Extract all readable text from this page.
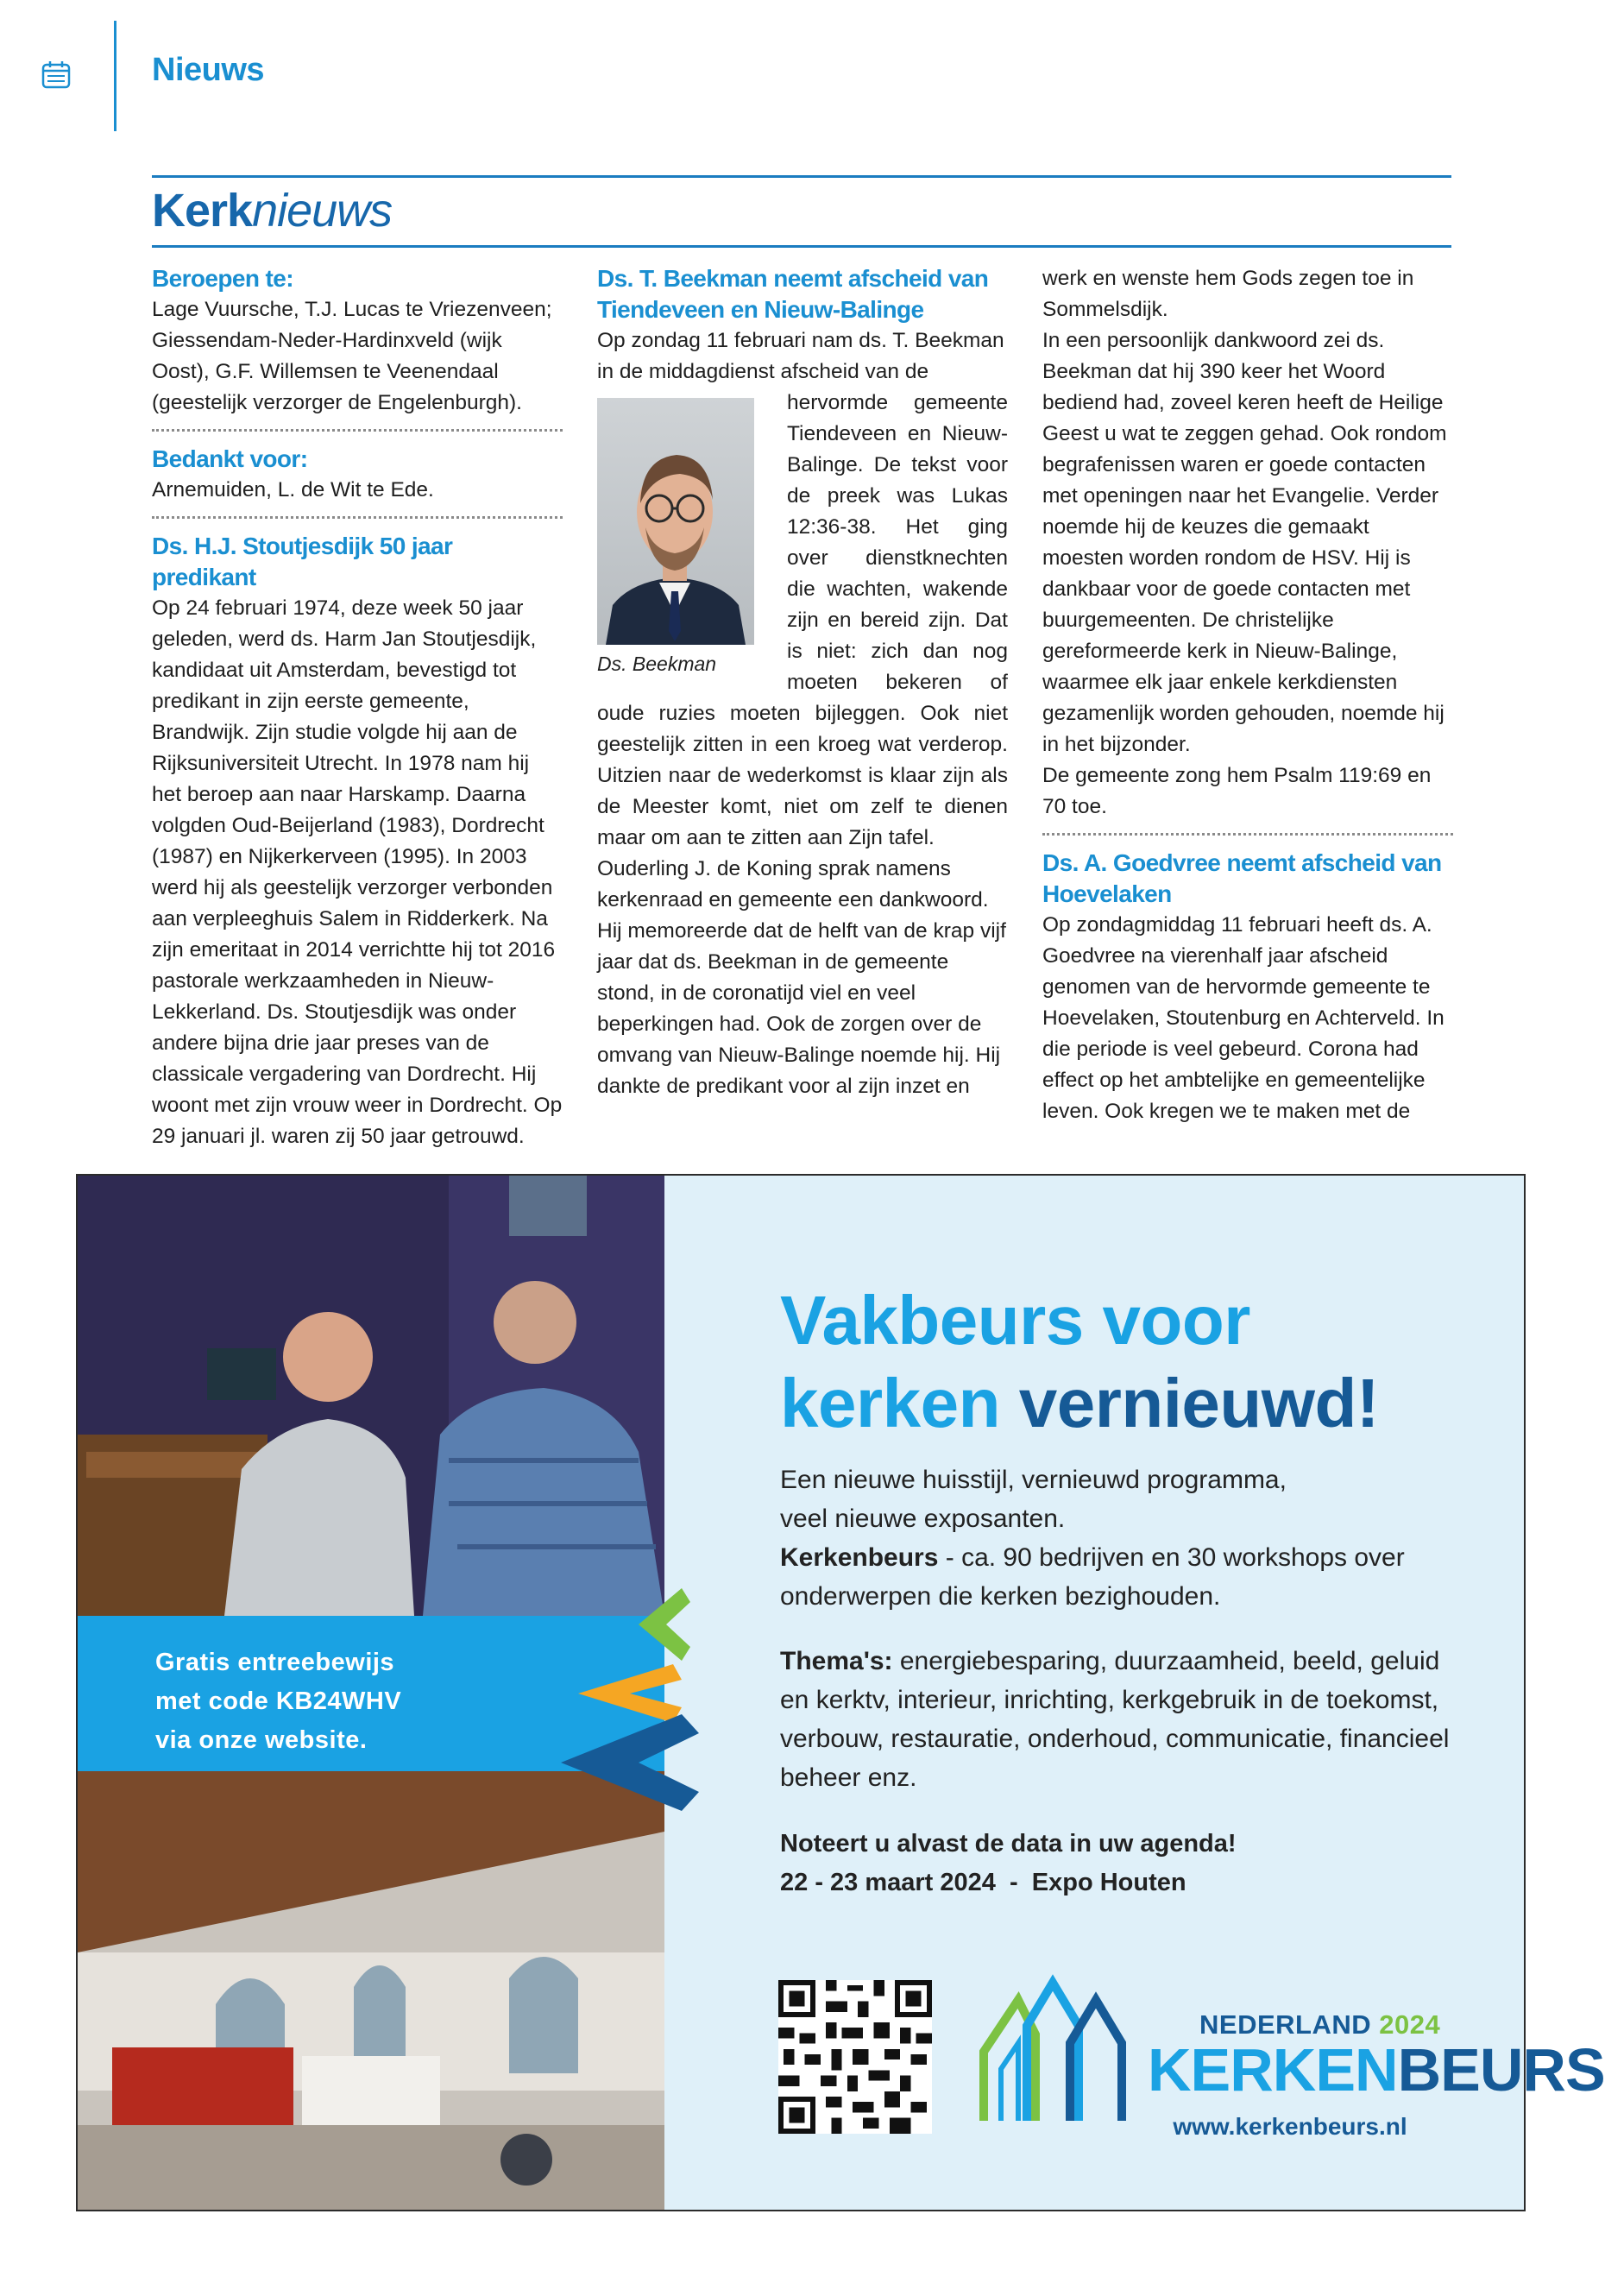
Nieuws
Kerknieuws
Beroepen te:

Lage Vuursche, T.J. Lucas te Vriezenveen; Giessendam-Neder-Hardinxveld (wijk Oost), G.F. Willemsen te Veenendaal (geestelijk verzorger de Engelenburgh).

Bedankt voor:

Arnemuiden, L. de Wit te Ede.

Ds. H.J. Stoutjesdijk 50 jaar predikant

Op 24 februari 1974, deze week 50 jaar geleden, werd ds. Harm Jan Stoutjesdijk, kandidaat uit Amsterdam, bevestigd tot predikant in zijn eerste gemeente, Brandwijk. Zijn studie volgde hij aan de Rijksuniversiteit Utrecht. In 1978 nam hij het beroep aan naar Harskamp. Daarna volgden Oud-Beijerland (1983), Dordrecht (1987) en Nijkerkerveen (1995). In 2003 werd hij als geestelijk verzorger verbonden aan verpleeghuis Salem in Ridderkerk. Na zijn emeritaat in 2014 verrichtte hij tot 2016 pastorale werkzaamheden in Nieuw-Lekkerland. Ds. Stoutjesdijk was onder andere bijna drie jaar preses van de classicale vergadering van Dordrecht. Hij woont met zijn vrouw weer in Dordrecht. Op 29 januari jl. waren zij 50 jaar getrouwd.

Ds. T. Beekman neemt afscheid van Tiendeveen en Nieuw-Balinge

Op zondag 11 februari nam ds. T. Beekman in de middagdienst afscheid van de

Ds. Beekman

hervormde gemeente Tiendeveen en Nieuw-Balinge. De tekst voor de preek was Lukas 12:36-38. Het ging over dienstknechten die wachten, wakende zijn en bereid zijn. Dat is niet: zich dan nog moeten bekeren of oude ruzies moeten bijleggen. Ook niet geestelijk zitten in een kroeg wat verderop. Uitzien naar de wederkomst is klaar zijn als de Meester komt, niet om zelf te dienen maar om aan te zitten aan Zijn tafel.

Ouderling J. de Koning sprak namens kerkenraad en gemeente een dankwoord. Hij memoreerde dat de helft van de krap vijf jaar dat ds. Beekman in de gemeente stond, in de coronatijd viel en veel beperkingen had. Ook de zorgen over de omvang van Nieuw-Balinge noemde hij. Hij dankte de predikant voor al zijn inzet en

werk en wenste hem Gods zegen toe in Sommelsdijk.

In een persoonlijk dankwoord zei ds. Beekman dat hij 390 keer het Woord bediend had, zoveel keren heeft de Heilige Geest u wat te zeggen gehad. Ook rondom begrafenissen waren er goede contacten met openingen naar het Evangelie. Verder noemde hij de keuzes die gemaakt moesten worden rondom de HSV. Hij is dankbaar voor de goede contacten met buurgemeenten. De christelijke gereformeerde kerk in Nieuw-Balinge, waarmee elk jaar enkele kerkdiensten gezamenlijk worden gehouden, noemde hij in het bijzonder.

De gemeente zong hem Psalm 119:69 en 70 toe.

Ds. A. Goedvree neemt afscheid van Hoevelaken

Op zondagmiddag 11 februari heeft ds. A. Goedvree na vierenhalf jaar afscheid genomen van de hervormde gemeente te Hoevelaken, Stoutenburg en Achterveld. In die periode is veel gebeurd. Corona had effect op het ambtelijke en gemeentelijke leven. Ook kregen we te maken met de

Gratis entreebewijs
met code KB24WHV
via onze website.
Vakbeurs voor
kerken vernieuwd!
Een nieuwe huisstijl, vernieuwd programma,
veel nieuwe exposanten.
Kerkenbeurs - ca. 90 bedrijven en 30 workshops over onderwerpen die kerken bezighouden.
Thema's: energiebesparing, duurzaamheid, beeld, geluid en kerktv, interieur, inrichting, kerkgebruik in de toekomst, verbouw, restauratie, onderhoud, communicatie, financieel beheer enz.
Noteert u alvast de data in uw agenda!
22 - 23 maart 2024  -  Expo Houten
NEDERLAND 2024
KERKENBEURS
www.kerkenbeurs.nl
